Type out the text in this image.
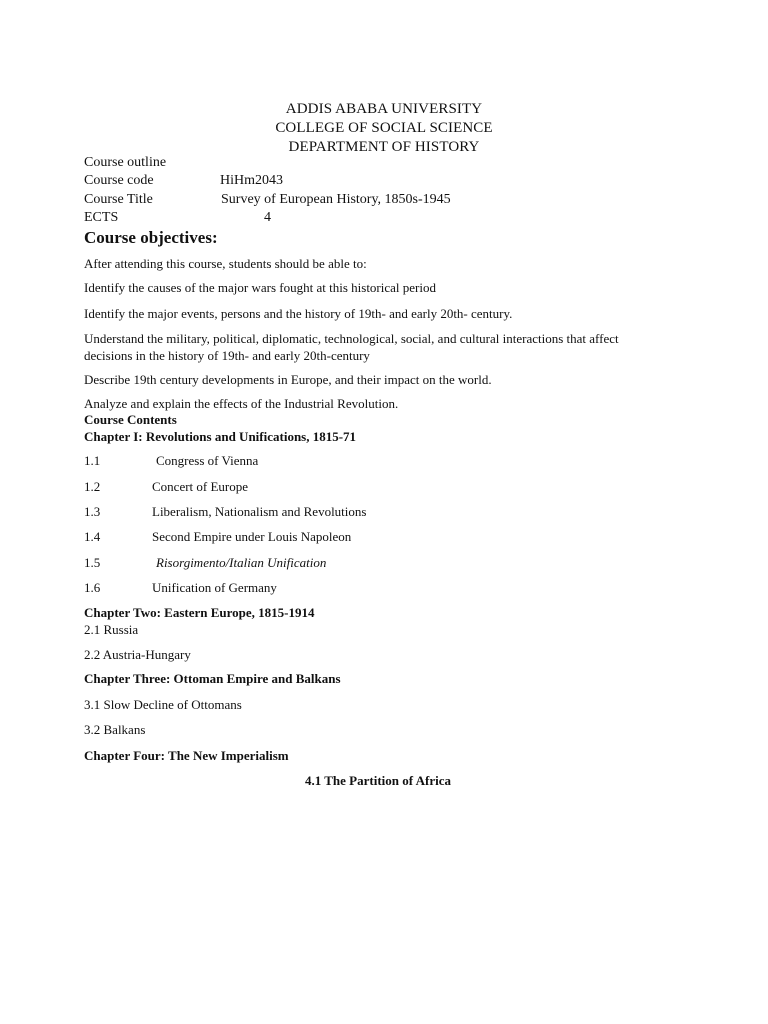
ADDIS ABABA UNIVERSITY
COLLEGE OF SOCIAL SCIENCE
DEPARTMENT OF HISTORY
Course outline
Course code	HiHm2043
Course Title	Survey of European History, 1850s-1945
ECTS	4
Course objectives:
After attending this course, students should be able to:
Identify the causes of the major wars fought at this historical period
Identify the major events, persons and the history of 19th- and early 20th- century.
Understand the military, political, diplomatic, technological, social, and cultural interactions that affect
decisions in the history of 19th- and early 20th-century
Describe 19th century developments in Europe, and their impact on the world.
Analyze and explain the effects of the Industrial Revolution.
Course Contents
Chapter I: Revolutions and Unifications, 1815-71
1.1	Congress of Vienna
1.2	Concert of Europe
1.3	Liberalism, Nationalism and Revolutions
1.4	Second Empire under Louis Napoleon
1.5	Risorgimento/Italian Unification
1.6	Unification of Germany
Chapter Two: Eastern Europe, 1815-1914
2.1 Russia
2.2 Austria-Hungary
Chapter Three: Ottoman Empire and Balkans
3.1 Slow Decline of Ottomans
3.2 Balkans
Chapter Four: The New Imperialism
4.1 The Partition of Africa
